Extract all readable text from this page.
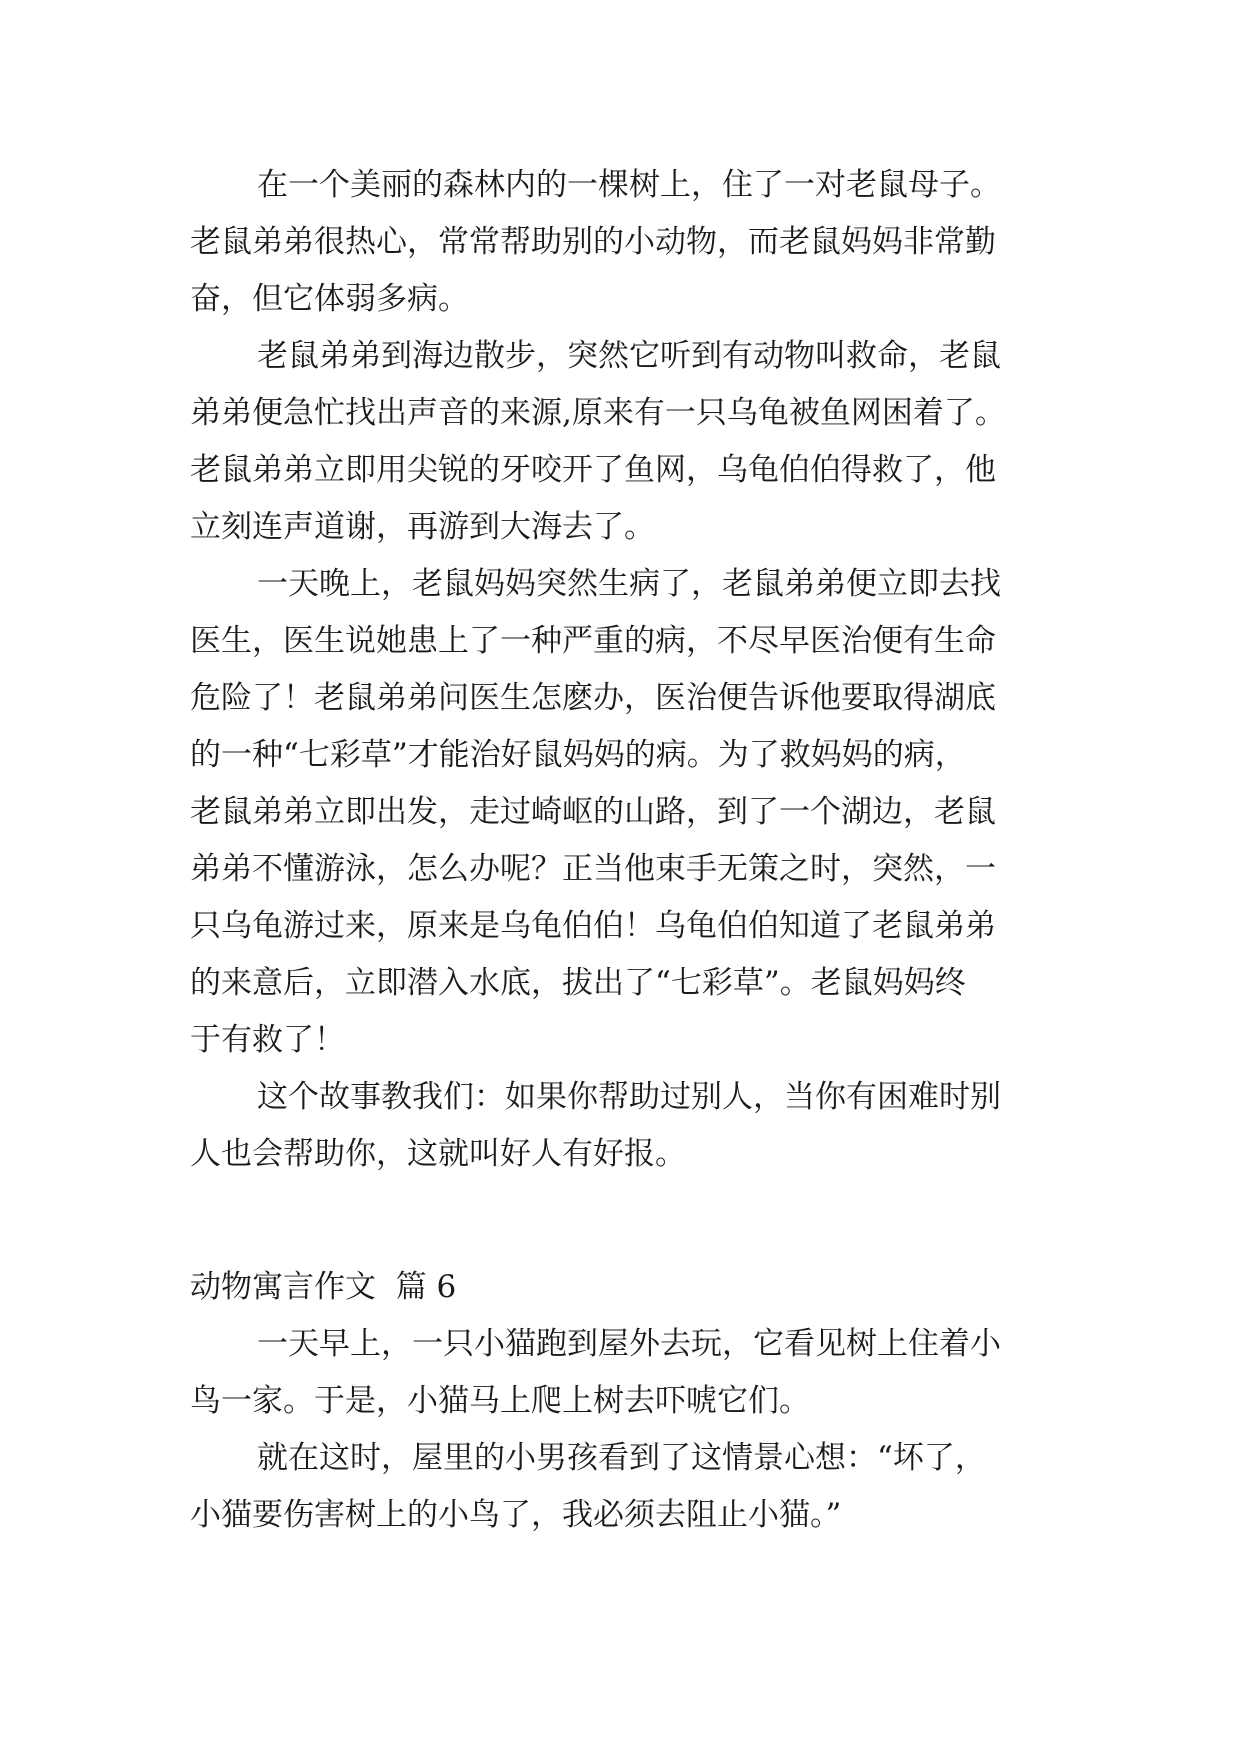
在一个美丽的森林内的一棵树上，住了一对老鼠母子。

老鼠弟弟很热心，常常帮助别的小动物，而老鼠妈妈非常勤

奋，但它体弱多病。

老鼠弟弟到海边散步，突然它听到有动物叫救命，老鼠

弟弟便急忙找出声音的来源,原来有一只乌龟被鱼网困着了。

老鼠弟弟立即用尖锐的牙咬开了鱼网，乌龟伯伯得救了，他

立刻连声道谢，再游到大海去了。

一天晚上，老鼠妈妈突然生病了，老鼠弟弟便立即去找

医生，医生说她患上了一种严重的病，不尽早医治便有生命

危险了！老鼠弟弟问医生怎麽办，医治便告诉他要取得湖底

的一种“七彩草”才能治好鼠妈妈的病。为了救妈妈的病，

老鼠弟弟立即出发，走过崎岖的山路，到了一个湖边，老鼠

弟弟不懂游泳，怎么办呢？正当他束手无策之时，突然，一

只乌龟游过来，原来是乌龟伯伯！乌龟伯伯知道了老鼠弟弟

的来意后，立即潜入水底，拔出了“七彩草”。老鼠妈妈终

于有救了！

这个故事教我们：如果你帮助过别人，当你有困难时别

人也会帮助你，这就叫好人有好报。

动物寓言作文  篇 6

一天早上，一只小猫跑到屋外去玩，它看见树上住着小

鸟一家。于是，小猫马上爬上树去吓唬它们。

就在这时，屋里的小男孩看到了这情景心想：“坏了，

小猫要伤害树上的小鸟了，我必须去阻止小猫。”
